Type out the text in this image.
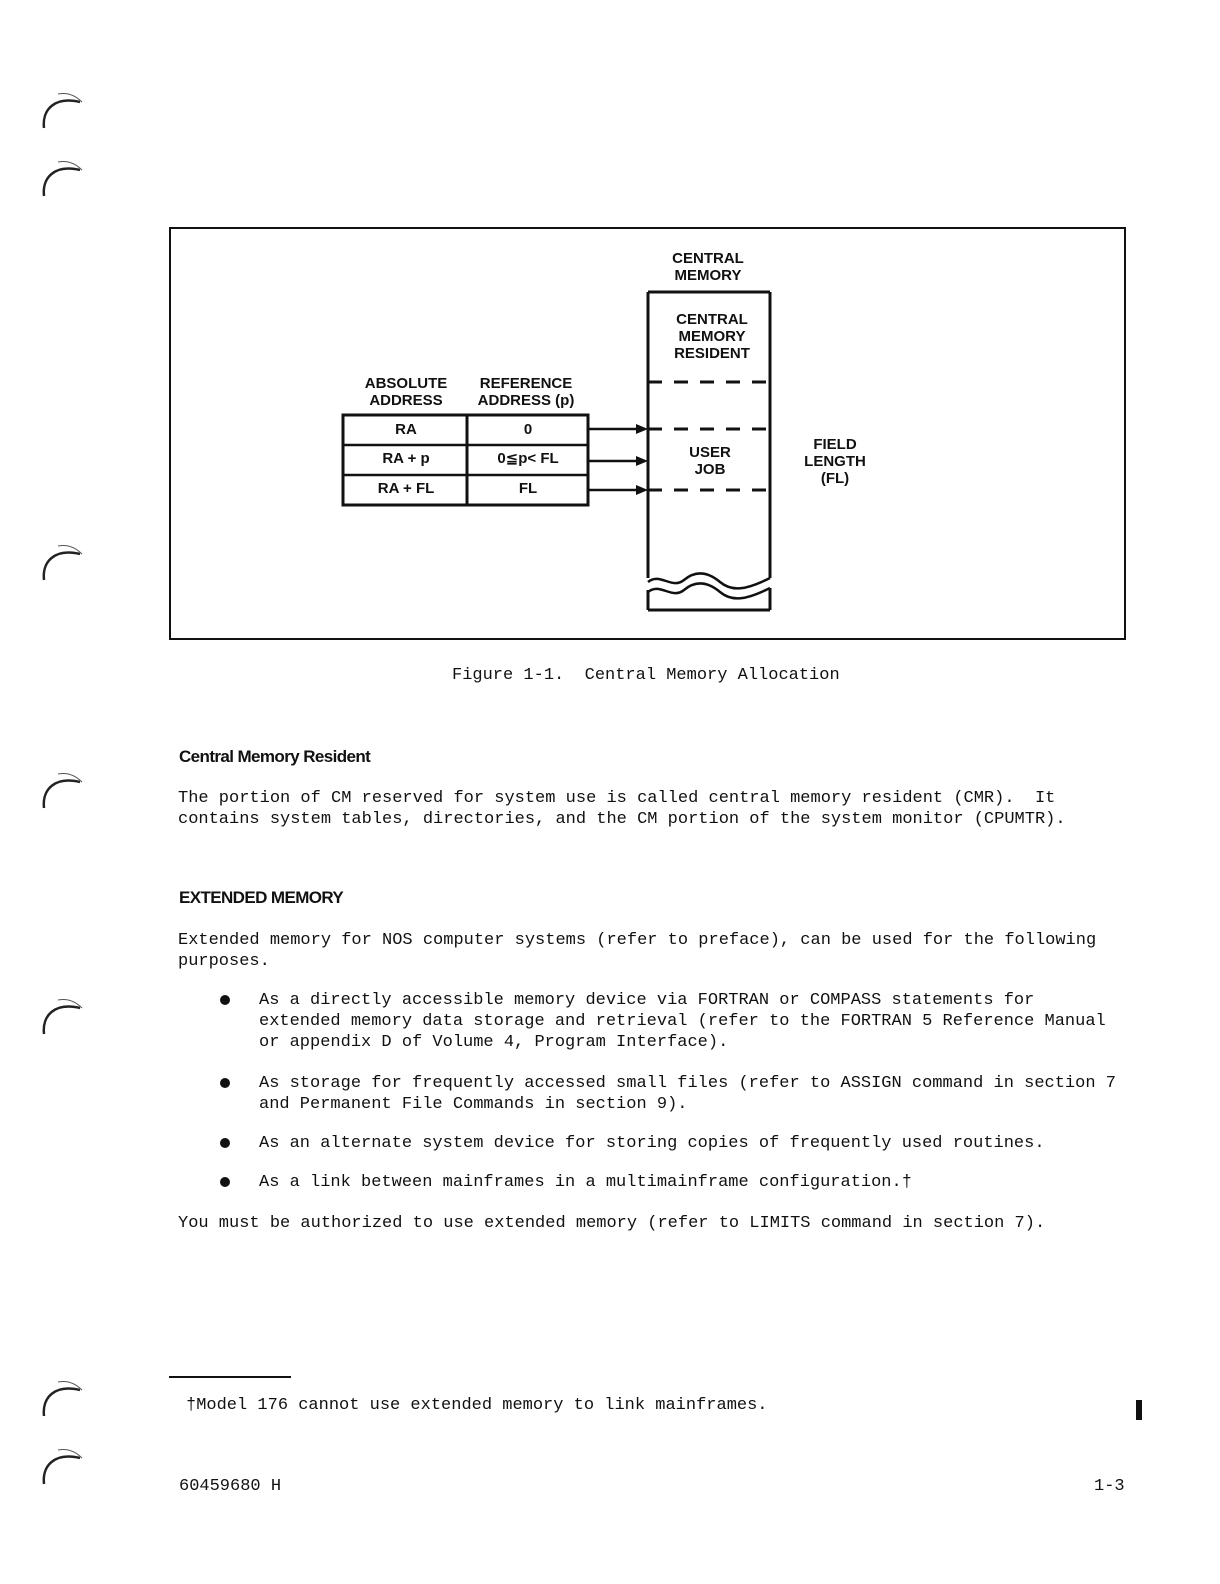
CENTRAL
MEMORY
CENTRAL
MEMORY
RESIDENT
USER
JOB
FIELD
LENGTH
(FL)
ABSOLUTE
ADDRESS
REFERENCE
ADDRESS (p)
RA	0
RA + p	0≦p< FL
RA + FL	FL
Figure 1-1.  Central Memory Allocation
Central Memory Resident
The portion of CM reserved for system use is called central memory resident (CMR).  It
contains system tables, directories, and the CM portion of the system monitor (CPUMTR).
EXTENDED MEMORY
Extended memory for NOS computer systems (refer to preface), can be used for the following
purposes.
As a directly accessible memory device via FORTRAN or COMPASS statements for
extended memory data storage and retrieval (refer to the FORTRAN 5 Reference Manual
or appendix D of Volume 4, Program Interface).
As storage for frequently accessed small files (refer to ASSIGN command in section 7
and Permanent File Commands in section 9).
As an alternate system device for storing copies of frequently used routines.
As a link between mainframes in a multimainframe configuration.†
You must be authorized to use extended memory (refer to LIMITS command in section 7).
†Model 176 cannot use extended memory to link mainframes.
60459680 H	1-3
